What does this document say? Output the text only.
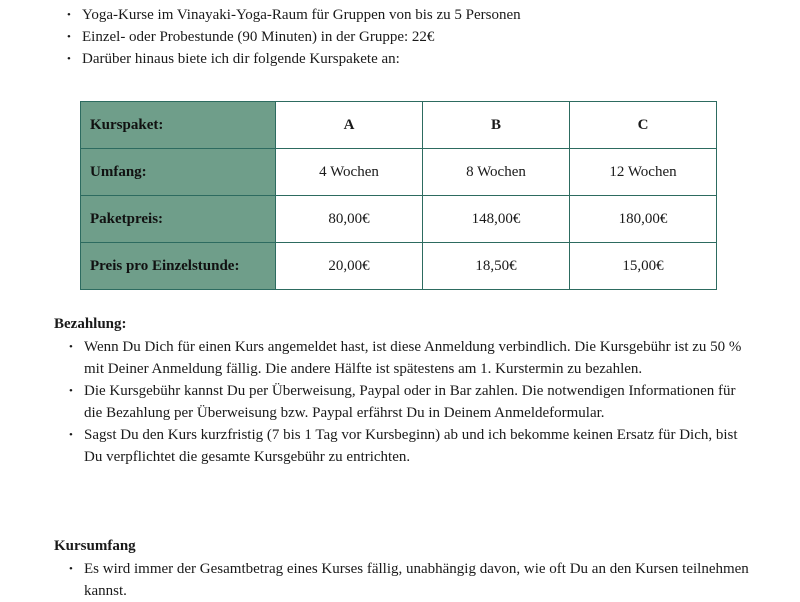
• Yoga-Kurse im Vinayaki-Yoga-Raum für Gruppen von bis zu 5 Personen
• Einzel- oder Probestunde (90 Minuten) in der Gruppe: 22€
• Darüber hinaus biete ich dir folgende Kurspakete an:
Kurspaket:	A	B	C
Umfang:	4 Wochen	8 Wochen	12 Wochen
Paketpreis:	80,00€	148,00€	180,00€
Preis pro Einzelstunde:	20,00€	18,50€	15,00€
Bezahlung:
• Wenn Du Dich für einen Kurs angemeldet hast, ist diese Anmeldung verbindlich. Die Kursgebühr ist zu 50 % mit Deiner Anmeldung fällig. Die andere Hälfte ist spätestens am 1. Kurstermin zu bezahlen.
• Die Kursgebühr kannst Du per Überweisung, Paypal oder in Bar zahlen. Die notwendigen Informationen für die Bezahlung per Überweisung bzw. Paypal erfährst Du in Deinem Anmeldeformular.
• Sagst Du den Kurs kurzfristig (7 bis 1 Tag vor Kursbeginn) ab und ich bekomme keinen Ersatz für Dich, bist Du verpflichtet die gesamte Kursgebühr zu entrichten.
Kursumfang
• Es wird immer der Gesamtbetrag eines Kurses fällig, unabhängig davon, wie oft Du an den Kursen teilnehmen kannst.
